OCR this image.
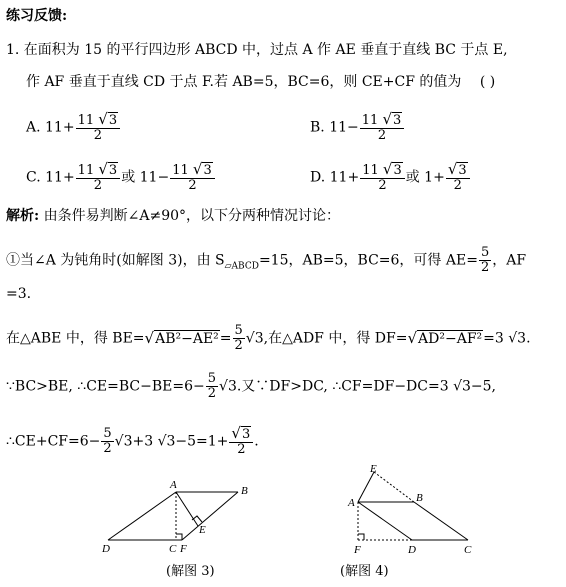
练习反馈:
1. 在面积为 15 的平行四边形 ABCD 中，过点 A 作 AE 垂直于直线 BC 于点 E,
作 AF 垂直于直线 CD 于点 F.若 AB=5，BC=6，则 CE+CF 的值为 ( )
A. $11+ \frac{11 √3}{2}$	B. $11- \frac{11 √3}{2}$
C. $11+ \frac{11 √3}{2}$ 或 $11- \frac{11 √3}{2}$	D. $11+ \frac{11 √3}{2}$ 或 $1+ \frac{√3}{2}$
解析: 由条件易判断∠A≠90°，以下分两种情况讨论：
①当∠A 为钝角时(如解图 3)，由 $S_{▱ABCD}=15$，AB=5，BC=6，可得 $AE= \frac{5}{2}$ ，AF
=3.
在△ABE 中，得 $BE=√AB^2-AE^2= \frac{5}{2} √3$,在△ADF 中，得 DF=√AD²−AF²=3 √3.
∵BC>BE, ∴CE=BC−BE=6− $\frac{5}{2} √3$.又∵DF>DC, ∴CF=DF−DC=3 √3−5,
∴CE+CF=6− $\frac{5}{2} √3+3$ $√3-5=1+ \frac{√3}{2}$ .
A	B
D	C F
E
(解图 3)
E
A	B
F	D	C
(解图 4)
